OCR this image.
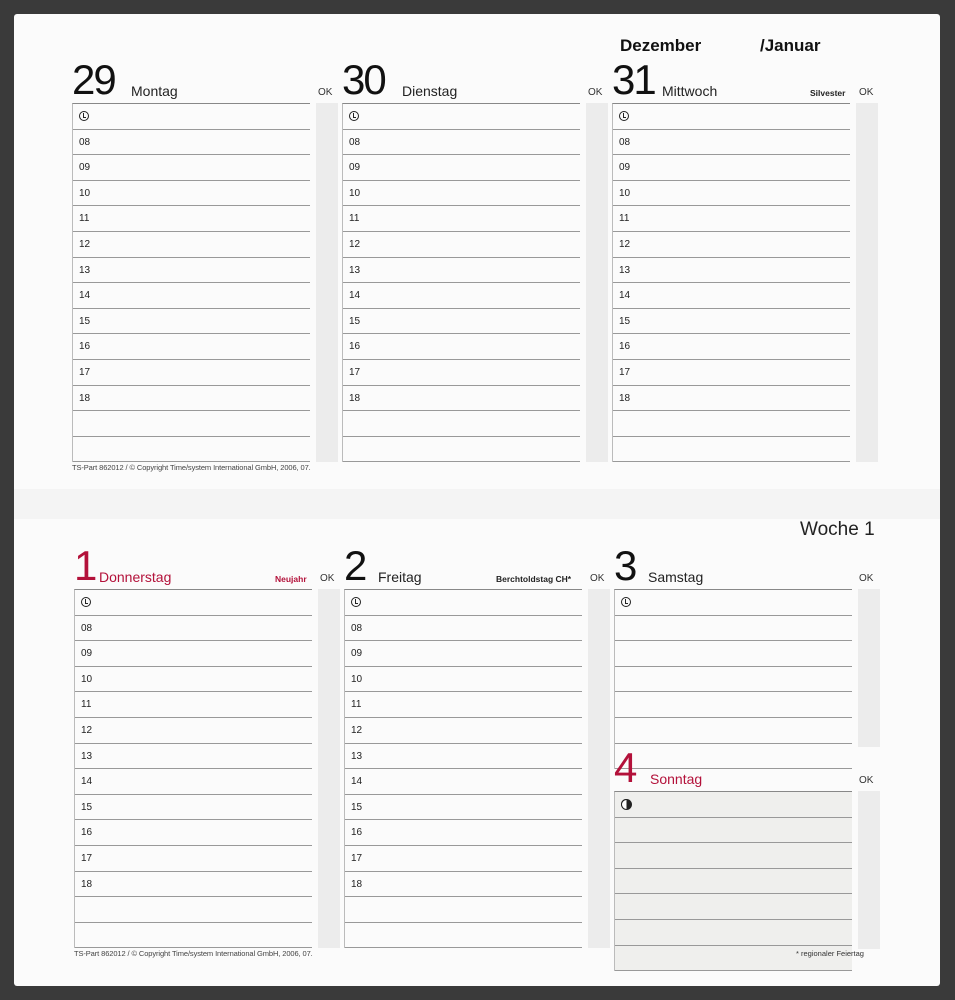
Dezember	/Januar
29 Montag	OK
08
09
10
11
12
13
14
15
16
17
18
30 Dienstag	OK
08
09
10
11
12
13
14
15
16
17
18
31 Mittwoch	Silvester OK
08
09
10
11
12
13
14
15
16
17
18
TS-Part 862012 / © Copyright Time/system International GmbH, 2006, 07.
Woche 1
1 Donnerstag	Neujahr OK
08
09
10
11
12
13
14
15
16
17
18
2 Freitag	Berchtoldstag CH* OK
08
09
10
11
12
13
14
15
16
17
18
3 Samstag	OK
4 Sonntag	OK
TS-Part 862012 / © Copyright Time/system International GmbH, 2006, 07.	* regionaler Feiertag
